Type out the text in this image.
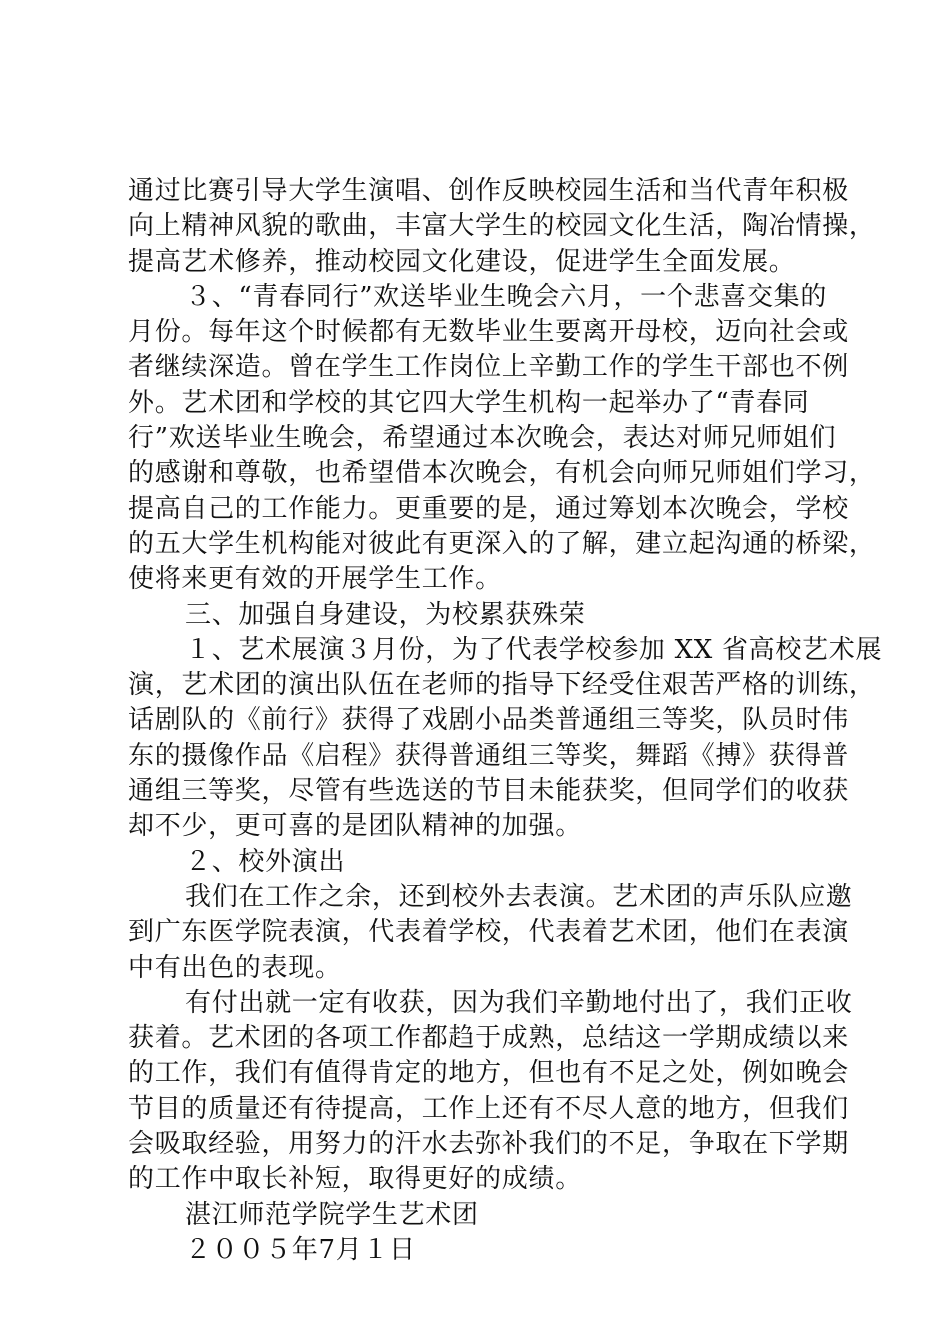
通过比赛引导大学生演唱、创作反映校园生活和当代青年积极
向上精神风貌的歌曲，丰富大学生的校园文化生活，陶冶情操，
提高艺术修养，推动校园文化建设，促进学生全面发展。
３、“青春同行”欢送毕业生晚会六月，一个悲喜交集的
月份。每年这个时候都有无数毕业生要离开母校，迈向社会或
者继续深造。曾在学生工作岗位上辛勤工作的学生干部也不例
外。艺术团和学校的其它四大学生机构一起举办了“青春同
行”欢送毕业生晚会，希望通过本次晚会，表达对师兄师姐们
的感谢和尊敬，也希望借本次晚会，有机会向师兄师姐们学习，
提高自己的工作能力。更重要的是，通过筹划本次晚会，学校
的五大学生机构能对彼此有更深入的了解，建立起沟通的桥梁，
使将来更有效的开展学生工作。
三、加强自身建设，为校累获殊荣
１、艺术展演３月份，为了代表学校参加 XX 省高校艺术展
演，艺术团的演出队伍在老师的指导下经受住艰苦严格的训练，
话剧队的《前行》获得了戏剧小品类普通组三等奖，队员时伟
东的摄像作品《启程》获得普通组三等奖，舞蹈《搏》获得普
通组三等奖，尽管有些选送的节目未能获奖，但同学们的收获
却不少，更可喜的是团队精神的加强。
２、校外演出
我们在工作之余，还到校外去表演。艺术团的声乐队应邀
到广东医学院表演，代表着学校，代表着艺术团，他们在表演
中有出色的表现。
有付出就一定有收获，因为我们辛勤地付出了，我们正收
获着。艺术团的各项工作都趋于成熟，总结这一学期成绩以来
的工作，我们有值得肯定的地方，但也有不足之处，例如晚会
节目的质量还有待提高，工作上还有不尽人意的地方，但我们
会吸取经验，用努力的汗水去弥补我们的不足，争取在下学期
的工作中取长补短，取得更好的成绩。
湛江师范学院学生艺术团
２００５年7月１日
